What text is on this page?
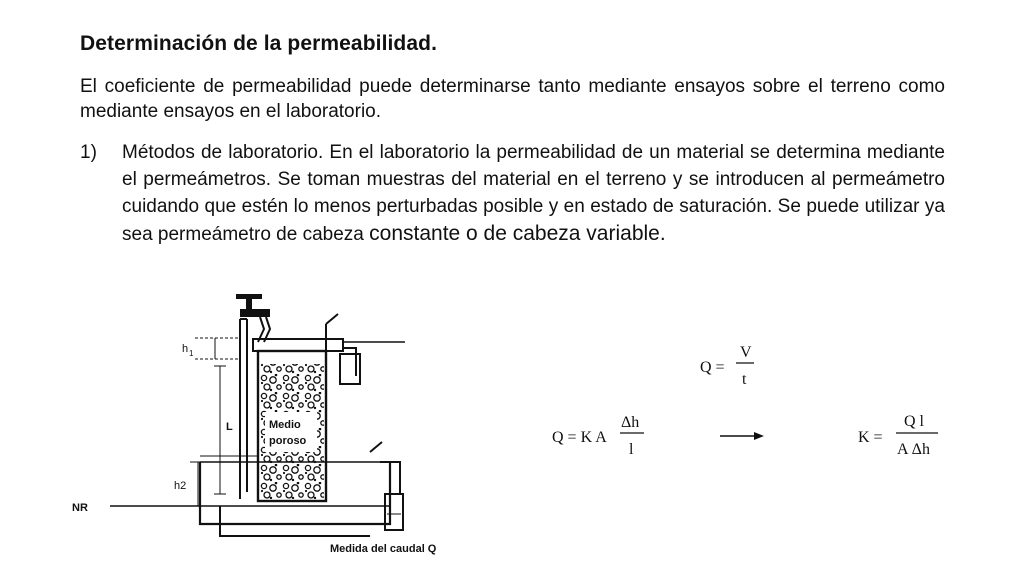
Determinación de la permeabilidad.
El coeficiente de permeabilidad puede determinarse tanto mediante ensayos sobre el terreno como mediante ensayos en el laboratorio.
1) Métodos de laboratorio. En el laboratorio la permeabilidad de un material se determina mediante el permeámetros. Se toman muestras del material en el terreno y se introducen al permeámetro cuidando que estén lo menos perturbadas posible y en estado de saturación. Se puede utilizar ya sea permeámetro de cabeza constante o de cabeza variable.
Medio
poroso
h 1
L
h2
NR
Medida del caudal Q
Q =
V
t
Q = K A
Δh
l
K =
Q l
A Δh
